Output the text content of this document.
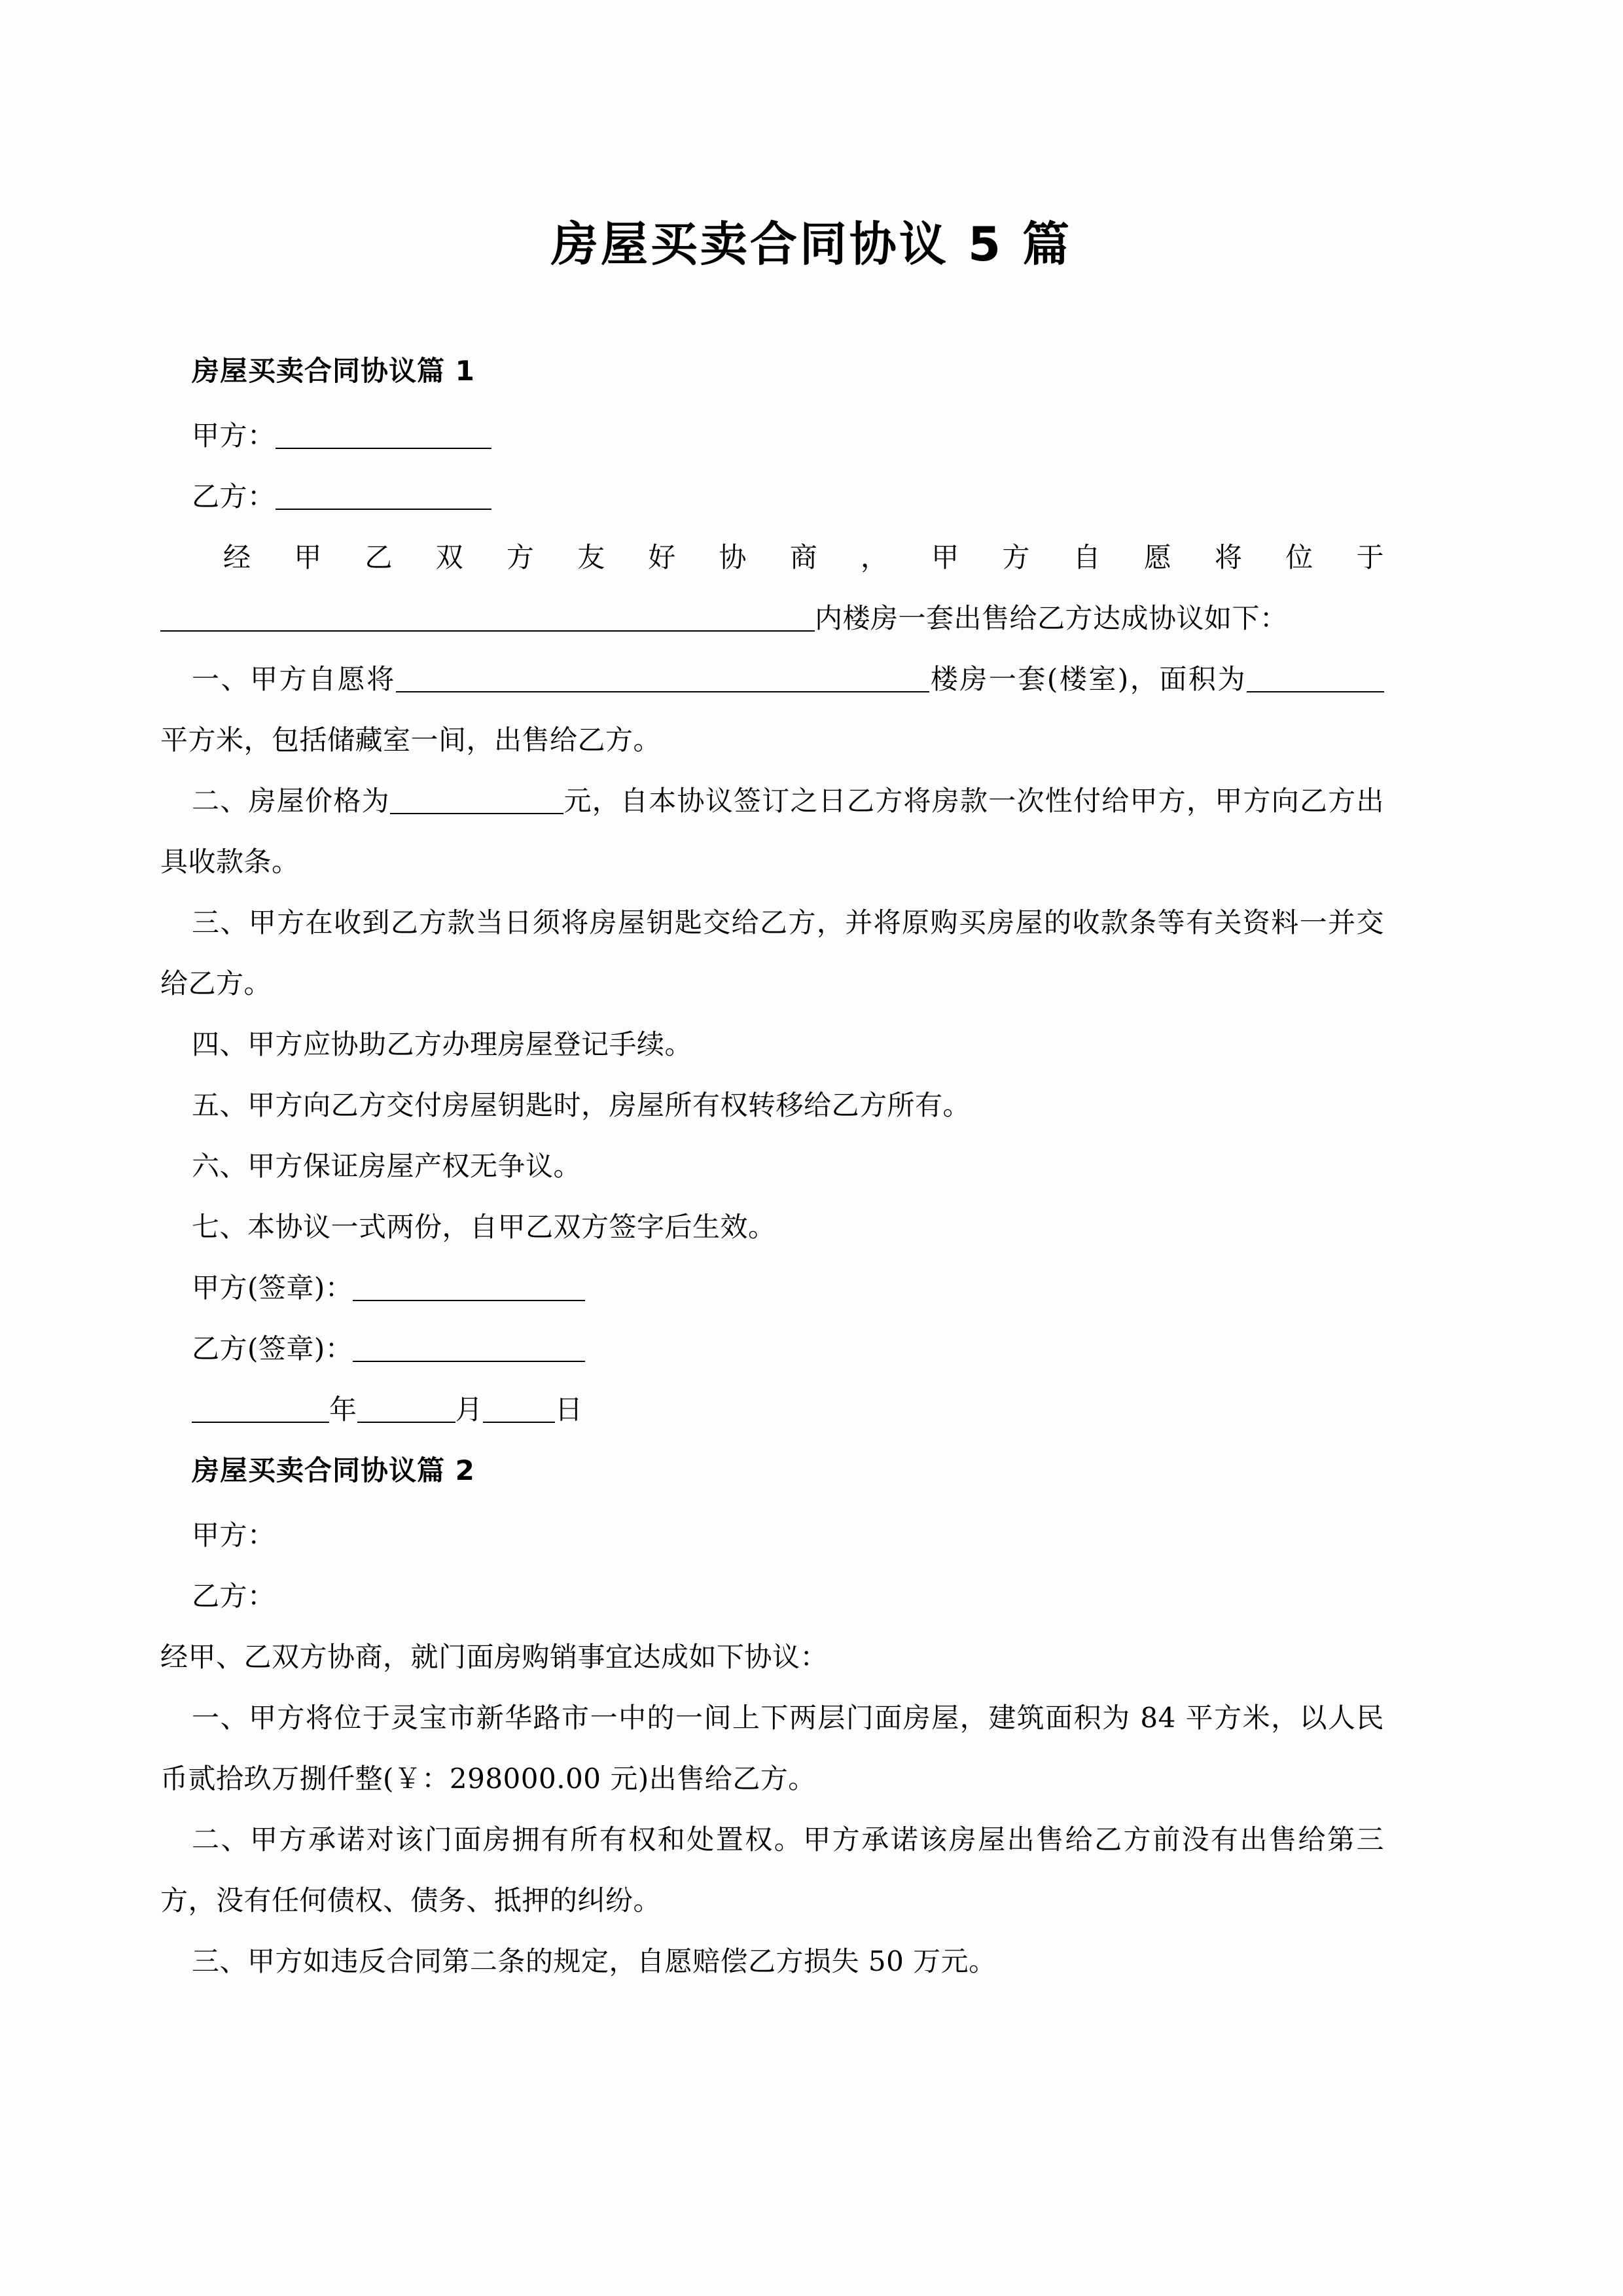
房屋买卖合同协议 5 篇
房屋买卖合同协议篇 1

甲方：

乙方：

经 甲 乙 双 方 友 好 协 商 ， 甲 方 自 愿 将 位 于

内楼房一套出售给乙方达成协议如下：

一、甲方自愿将	楼房一套(楼室)，面积为平方米，包括储藏室一间，出售给乙方。

二、房屋价格为	元，自本协议签订之日乙方将房款一次性付给甲方，甲方向乙方出具收款条。

三、甲方在收到乙方款当日须将房屋钥匙交给乙方，并将原购买房屋的收款条等有关资料一并交给乙方。

四、甲方应协助乙方办理房屋登记手续。

五、甲方向乙方交付房屋钥匙时，房屋所有权转移给乙方所有。

六、甲方保证房屋产权无争议。

七、本协议一式两份，自甲乙双方签字后生效。

甲方(签章)：

乙方(签章)：

年	月	日

房屋买卖合同协议篇 2

甲方：

乙方：

经甲、乙双方协商，就门面房购销事宜达成如下协议：

一、甲方将位于灵宝市新华路市一中的一间上下两层门面房屋，建筑面积为 84 平方米，以人民币贰拾玖万捌仟整(￥：298000.00 元)出售给乙方。

二、甲方承诺对该门面房拥有所有权和处置权。甲方承诺该房屋出售给乙方前没有出售给第三方，没有任何债权、债务、抵押的纠纷。

三、甲方如违反合同第二条的规定，自愿赔偿乙方损失 50 万元。
